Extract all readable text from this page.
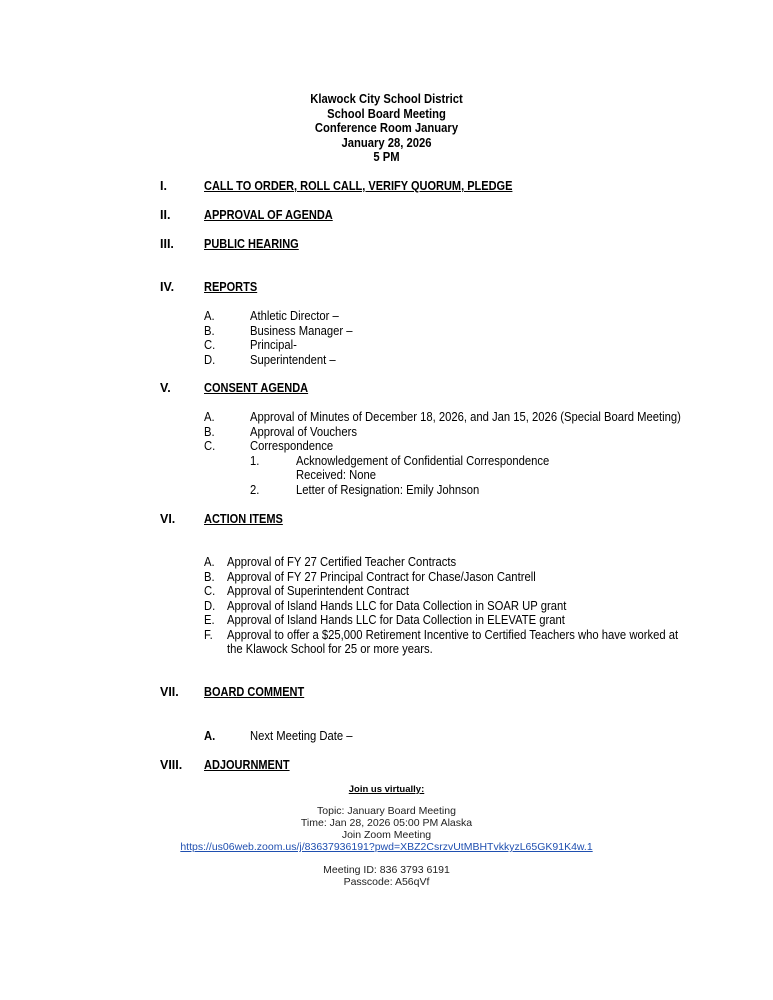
Klawock City School District
School Board Meeting
Conference Room January
January 28, 2026
5 PM
I.	CALL TO ORDER, ROLL CALL, VERIFY QUORUM, PLEDGE
II.	APPROVAL OF AGENDA
III. PUBLIC HEARING
IV. REPORTS
A.	Athletic Director –
B.	Business Manager –
C.	Principal-
D.	Superintendent –
V.	CONSENT AGENDA
A.	Approval of Minutes of December 18, 2026, and Jan 15, 2026 (Special Board Meeting)
B.	Approval of Vouchers
C.	Correspondence
1.	Acknowledgement of Confidential Correspondence
Received: None
2.	Letter of Resignation: Emily Johnson
VI. ACTION ITEMS
A. Approval of FY 27 Certified Teacher Contracts
B. Approval of FY 27 Principal Contract for Chase/Jason Cantrell
C. Approval of Superintendent Contract
D. Approval of Island Hands LLC for Data Collection in SOAR UP grant
E. Approval of Island Hands LLC for Data Collection in ELEVATE grant
F. Approval to offer a $25,000 Retirement Incentive to Certified Teachers who have worked at
the Klawock School for 25 or more years.
VII. BOARD COMMENT
A.	Next Meeting Date –
VIII. ADJOURNMENT
Join us virtually:
Topic: January Board Meeting
Time: Jan 28, 2026 05:00 PM Alaska
Join Zoom Meeting
https://us06web.zoom.us/j/83637936191?pwd=XBZ2CsrzvUtMBHTvkkyzL65GK91K4w.1
Meeting ID: 836 3793 6191
Passcode: A56qVf
